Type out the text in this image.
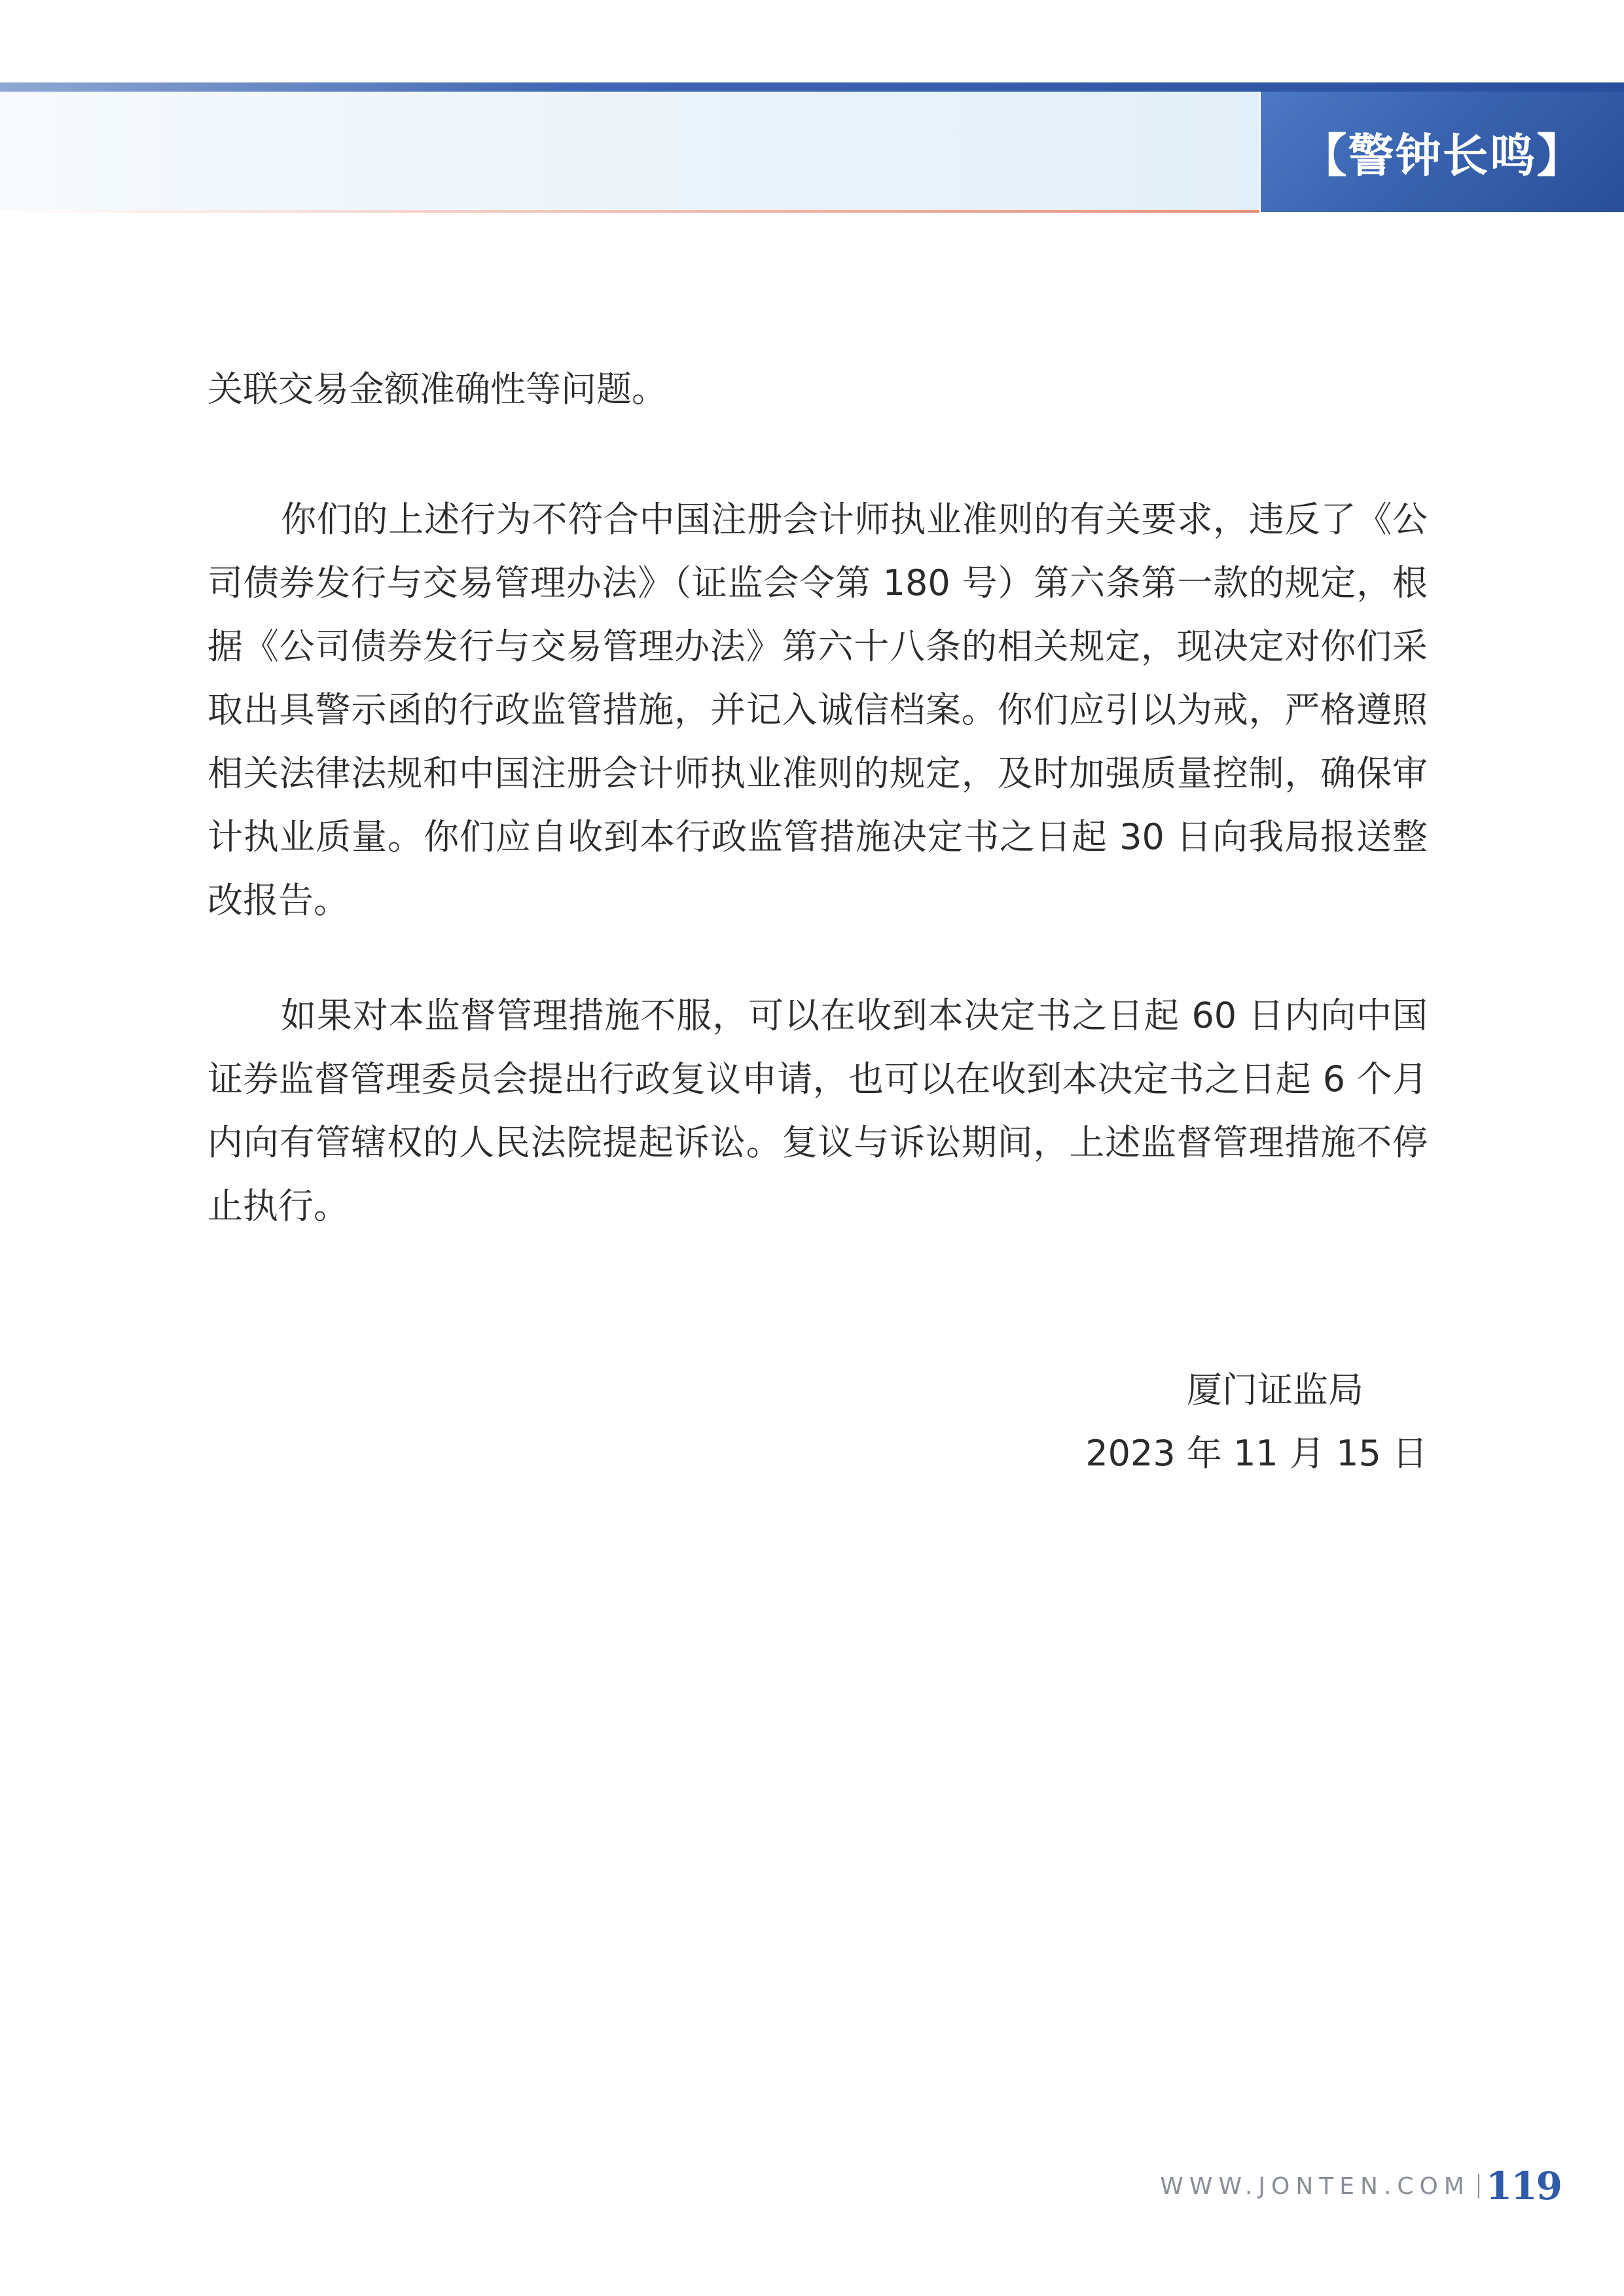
【警钟长鸣】

关联交易金额准确性等问题。

你们的上述行为不符合中国注册会计师执业准则的有关要求，违反了《公司债券发行与交易管理办法》（证监会令第 180 号）第六条第一款的规定，根据《公司债券发行与交易管理办法》第六十八条的相关规定，现决定对你们采取出具警示函的行政监管措施，并记入诚信档案。你们应引以为戒，严格遵照相关法律法规和中国注册会计师执业准则的规定，及时加强质量控制，确保审计执业质量。你们应自收到本行政监管措施决定书之日起 30 日向我局报送整改报告。

如果对本监督管理措施不服，可以在收到本决定书之日起 60 日内向中国证券监督管理委员会提出行政复议申请，也可以在收到本决定书之日起 6 个月内向有管辖权的人民法院提起诉讼。复议与诉讼期间，上述监督管理措施不停止执行。

厦门证监局
2023 年 11 月 15 日
WWW.JONTEN.COM 119
